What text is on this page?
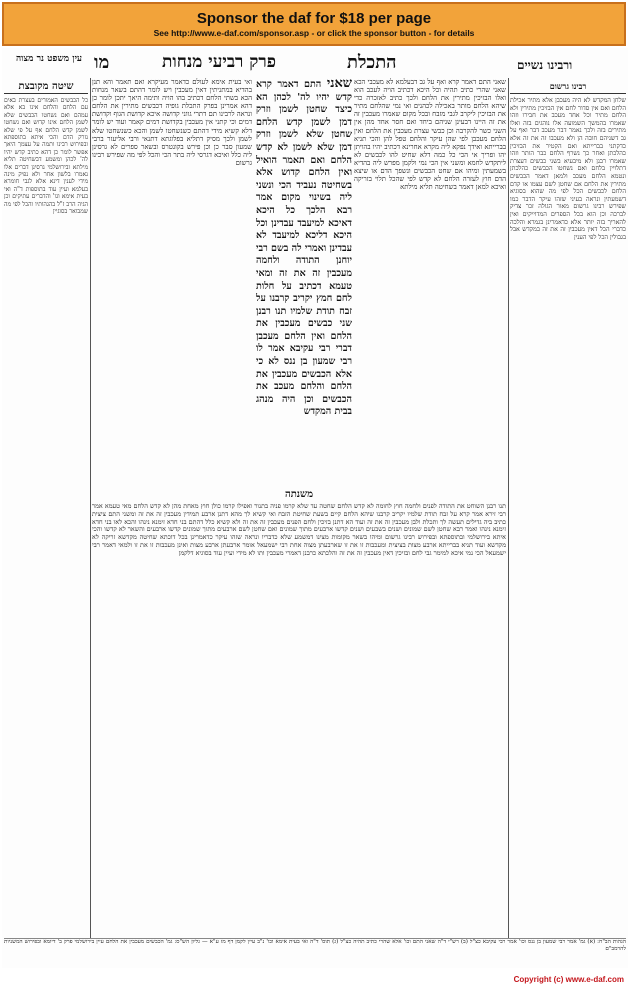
Sponsor the daf for $18 per page
See http://www.e-daf.com/sponsor.asp - or click the sponsor button - for details
ורבינו נשיים
התכלת
פרק רביעי מנחות
מו
עין משפט נר מצוה
רבינו גרשום
שלחן המקדש לא היה מעכבן אלא מתיר אכילת הלחם ואם אין סדור לחם אין הבזיכין מתירין ולא הלחם מתיר וכל אחד מעכב את חבירו וזהו שאמרו בהמשך השמועה אלו נוהגים בזה ואלו מתירים בזה ולכך נאמר דבר מעכב דבר ואף על גב דשניהם חובה הן ולא מעכבו זה את זה אלא כדקתני בברייתא ואם הקטיר את הבזיכין כהלכתן ואחר כך נשרף הלחם כבר הותר וזהו שאמרו רבנן ולא מיבעיא בשני כבשים דעצרת דתלויין בלחם ואם נשחטו הכבשים כהלכתן ונטמא הלחם מעכב ולמאן דאמר הכבשים מתירין את הלחם אם שחטן לשם עצמו או קדם הלחם לכבשים הכל לפי מה שהוא בסוגיא דשמעתין ונראה בעיני שזהו עיקר הדבר כמו שפירש רבינו גרשום מאור הגולה זכר צדיק לברכה וכן הוא בכל הספרים המדוייקים ואין להאריך בזה יותר אלא כדאמרינן בגמרא והלכה כדברי הכל דאין מעכבין זה את זה במקדש אבל בגבולין הכל לפי הענין
שאני התם דאמר קרא ואף על גב דבעלמא לא מעכבי הכא שאני שהרי כתיב תהיה וכל היכא דכתיב הויה לעכב הוא ואלו הבזיכין מתירין את הלחם ולכך כתיב לאזכרה כדי שיהא הלחם מותר באכילה לכהנים ואי נמי שהלחם מתיר את הבזיכין ליקרב לגבי מזבח ובכל מקום שאמרו מעכבין זה את זה היינו דבעינן שניהם ביחד ואם חסר אחד מהן אין השני כשר להקרבה וכן כבשי עצרת מעכבין את הלחם ואין הלחם מעכבן לפי שהן עיקר והלחם טפל להן והכי תניא בברייתא ואידך נפקא ליה מקרא אחרינא דכתיב יהיו בהויתן יהו ופריך אי הכי כל כמה דלא שחיט להו לכבשים לא ליתקדש לחמא ומשני אין הכי נמי ולקמן מפרש ליה בהדיא בשמעתין ומיהו אם שחט הכבשים ונשפך הדם או שיצא הדם חוץ לעזרה הלחם לא קדש לפי שהכל תלוי בזריקה ואיכא למאן דאמר בשחיטה תליא מילתא
שאני התם דאמר קרא קדש יהיו לה' לכהן הא כיצד שחטן לשמן וזרק דמן לשמן קדש הלחם שחטן שלא לשמן וזרק דמן שלא לשמן לא קדש הלחם ואם תאמר הואיל ואין הלחם קדוש אלא בשחיטה נעביד הכי ונשני ליה בשינוי מקום אמר רבא הלכך כל היכא דאיכא למיעבד עבדינן וכל היכא דליכא למיעבד לא עבדינן ואמרי לה בשם רבי יוחנן התודה ולחמה מעכבין זה את זה ומאי טעמא דכתיב על חלות לחם חמץ יקריב קרבנו על זבח תודת שלמיו תנו רבנן שני כבשים מעכבין את הלחם ואין הלחם מעכבן דברי רבי עקיבא אמר לו רבי שמעון בן ננס לא כי אלא הכבשים מעכבין את הלחם והלחם מעכב את הכבשים וכן היה מנהג בבית המקדש
ואי בעית אימא לעולם כדאמר מעיקרא ואם תאמר והא תנן בהדיא במתניתין דאין מעכבין ויש לומר דהתם בשאר מנחות הכא בשתי הלחם דכתיב בהו הויה ותימה היאך יתכן לומר כן דהא אמרינן בפרק התכלת גופיה דכבשים מתירין את הלחם ונראה לרבינו תם דתרי גווני קדושה איכא קדושת הגוף וקדושת דמים וכי קתני אין מעכבין בקדושת דמים קאמר ועוד יש לומר דלא קשיא מידי דהתם כשנשחטו לשמן והכא כשנשחטו שלא לשמן ולכך מסיק דתליא בפלוגתא דתנאי ורבי אליעזר ברבי שמעון סבר כן וכן פירש בקונטרס ובשאר ספרים לא גרסינן ליה כלל ואיכא דגרסי ליה בתר הכי והכל לפי מה שפירש רבינו גרשום
שיטה מקובצת
כל הכבשים האמורים בעצרת באים עם הלחם והלחם אינו בא אלא עמהם ואם נשחטו הכבשים שלא לשמן הלחם אינו קדוש ואם נשחטו לשמן קדש הלחם אף על פי שלא נזרק הדם והכי איתא בתוספתא ובפירוש רבינו ותמה על עצמך היאך אפשר לומר כן דהא כתיב קדש יהיו לה' לכהן ומשמע דבשחיטה תליא מילתא ובירושלמי גרסינן דברים אלו נאמרו בלשון אחר ולא נפיק מינה מידי לענין דינא אלא לגבי חומרא בעלמא ועיין עוד בתוספות ד"ה ואי בעית אימא וגו' והדברים עתיקים וכן הגיה הרב ז"ל בהגהותיו והכל לפי מה שמבואר בסוגיין
משנתה
תנו רבנן השוחט את התודה לפנים ולחמה חוץ לחומה לא קדש הלחם שחטה עד שלא קרמו פניה בתנור ואפילו קרמו כולן חוץ מאחת מהן לא קדש הלחם מאי טעמא אמר רבי זירא אמר קרא על זבח תודת שלמיו יקריב קרבנו שיהא הלחם קיים בשעת שחיטת הזבח ואי קשיא לך מהא דתנן ארבע תמידין מעכבין זה את זה ומשני התם ציצית כתיב ביה גדילים תעשה לך ותכלת ולבן מעכבין זה את זה ועוד הא דתנן בזיכין ולחם הפנים מעכבין זה את זה ולא קשיא כלל דהתם בני חדא זימנא נינהו והכא לאו בני חדא זימנא נינהו ואמר רבא שחטן לשם שמונים ושנים בשבעים ושנים קדשו ארבעים מתוך שמונים ואם שחטן לשם ארבעים מתוך שמונים קדשו ארבעים והשאר לא קדשו והכי איתא בירושלמי ובתוספתא ובפירוש רבינו גרשום ומיהו בשאר מקומות מצינו דמשמע שלא כדבריו ונראה שזהו עיקר כדאמרינן בכל דוכתא שחיטה מקדשא זריקה לא מקדשא ועוד תניא בברייתא ארבע מצות בציצית ומעכבות זו את זו שארבעתן מצוה אחת רבי ישמעאל אומר ארבעתן ארבע מצות ואינן מעכבות זו את זו ולמאי דאמר רבי ישמעאל הכי נמי איכא למימר גבי לחם ובזיכין דאין מעכבין זה את זה והלכתא כרבנן דאמרי מעכבין ותו לא מידי ועיין עוד בסוגיא דלקמן
הגהות הב"ח: (א) גמ' אמר רבי שמעון בן ננס וכו' אמר רבי עקיבא כצ"ל (ב) רש"י ד"ה שאני התם וכו' אלא שהרי כתיב תהיה כצ"ל (ג) תוס' ד"ה ואי בעית אימא וכו' נ"ב עיין לקמן דף מז ע"א — גליון הש"ס: גמ' הכבשים מעכבין את הלחם עיין בירושלמי פרק ב' דיומא ובפירוש המשניות להרמב"ם
Copyright (c) www.e-daf.com
